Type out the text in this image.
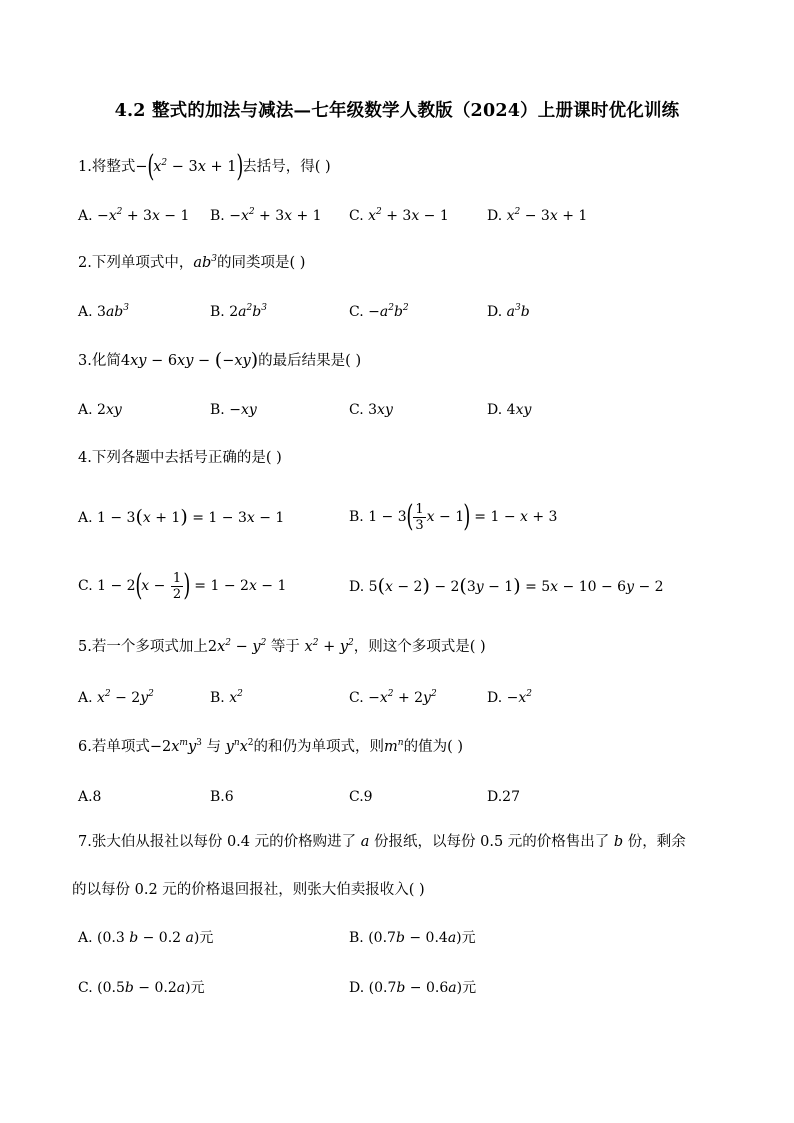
4.2 整式的加法与减法—七年级数学人教版（2024）上册课时优化训练
1.将整式$-(x^2 - 3x + 1)$去括号，得( )
A. $-x^2 + 3x - 1$ B. $-x^2 + 3x + 1$ C. $x^2 + 3x - 1$	D. $x^2 - 3x + 1$
2.下列单项式中，$ab^3$的同类项是( )
A. $3ab^3$	B. $2a^2b^3$	C. $-a^2b^2$	D. $a^3b$
3.化简4xy − 6xy − (−xy)的最后结果是( )
A. 2xy	B. −xy	C. 3xy	D. 4xy
4.下列各题中去括号正确的是( )
A. 1 − 3(x + 1) = 1 − 3x − 1	B. $1 - 3( \frac{1}{3}$ x − 1) = 1 − x + 3
C. $1 - 2(x - \frac{1}{2}$ ) = 1 − 2x − 1	D. 5(x − 2) − 2(3y − 1) = 5x − 10 − 6y − 2
5.若一个多项式加上$2x^2 - y^2$ 等于 $x^2 + y^2$，则这个多项式是( )
A. $x^2 - 2y^2$	B. $x^2$	C. $-x^2 + 2y^2$	D. $-x^2$
6.若单项式$-2x^my^3$ 与 $y^nx^2$的和仍为单项式，则$m^n$的值为( )
A.8	B.6	C.9	D.27
7.张大伯从报社以每份 0.4 元的价格购进了 a 份报纸，以每份 0.5 元的价格售出了 b 份，剩余
的以每份 0.2 元的价格退回报社，则张大伯卖报收入( )
A. (0.3 b − 0.2 a)元	B. (0.7b − 0.4a)元
C. (0.5b − 0.2a)元	D. (0.7b − 0.6a)元
